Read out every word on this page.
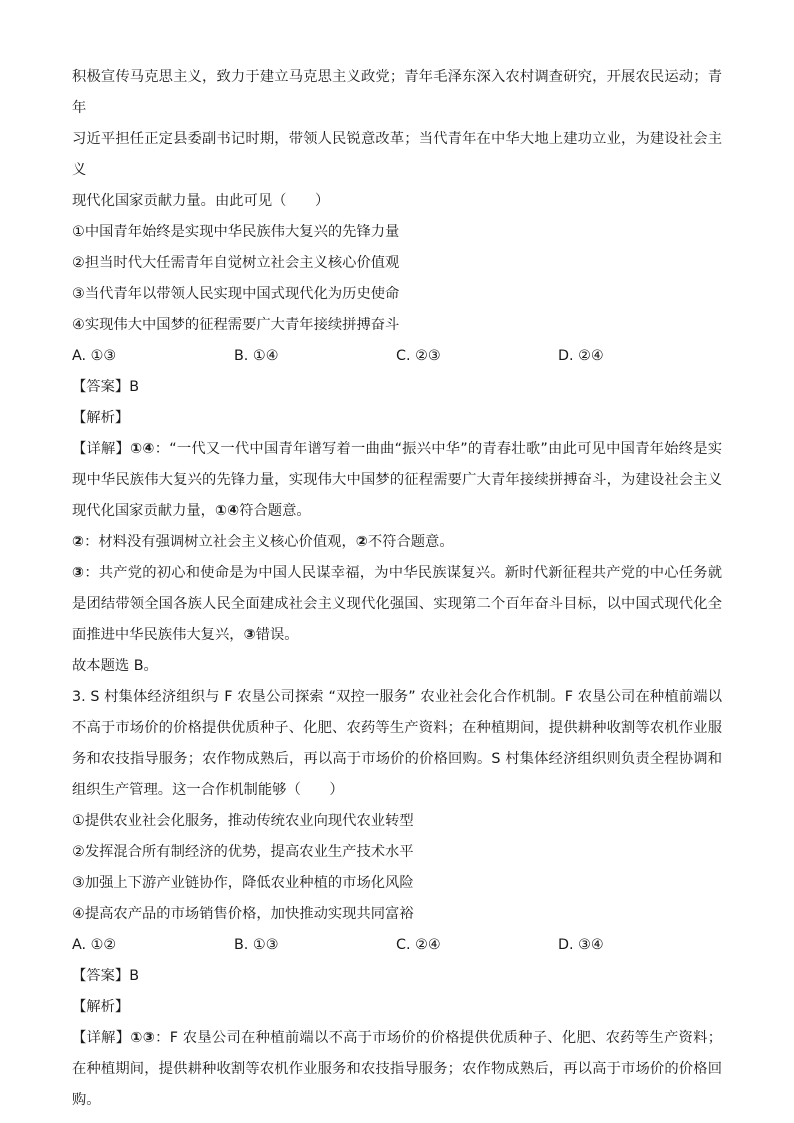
积极宣传马克思主义，致力于建立马克思主义政党；青年毛泽东深入农村调查研究，开展农民运动；青年

习近平担任正定县委副书记时期，带领人民锐意改革；当代青年在中华大地上建功立业，为建设社会主义

现代化国家贡献力量。由此可见（　　）

①中国青年始终是实现中华民族伟大复兴的先锋力量

②担当时代大任需青年自觉树立社会主义核心价值观

③当代青年以带领人民实现中国式现代化为历史使命

④实现伟大中国梦的征程需要广大青年接续拼搏奋斗

A. ①③	B. ①④	C. ②③	D. ②④

【答案】B

【解析】

【详解】①④：“一代又一代中国青年谱写着一曲曲“振兴中华”的青春壮歌”由此可见中国青年始终是实现中华民族伟大复兴的先锋力量，实现伟大中国梦的征程需要广大青年接续拼搏奋斗，为建设社会主义现代化国家贡献力量，①④符合题意。

②：材料没有强调树立社会主义核心价值观，②不符合题意。

③：共产党的初心和使命是为中国人民谋幸福，为中华民族谋复兴。新时代新征程共产党的中心任务就是团结带领全国各族人民全面建成社会主义现代化强国、实现第二个百年奋斗目标，以中国式现代化全面推进中华民族伟大复兴，③错误。

故本题选 B。

3. S 村集体经济组织与 F 农垦公司探索 “双控一服务” 农业社会化合作机制。F 农垦公司在种植前端以不高于市场价的价格提供优质种子、化肥、农药等生产资料；在种植期间，提供耕种收割等农机作业服务和农技指导服务；农作物成熟后，再以高于市场价的价格回购。S 村集体经济组织则负责全程协调和组织生产管理。这一合作机制能够（　　）

①提供农业社会化服务，推动传统农业向现代农业转型

②发挥混合所有制经济的优势，提高农业生产技术水平

③加强上下游产业链协作，降低农业种植的市场化风险

④提高农产品的市场销售价格，加快推动实现共同富裕

A. ①②	B. ①③	C. ②④	D. ③④

【答案】B

【解析】

【详解】①③：F 农垦公司在种植前端以不高于市场价的价格提供优质种子、化肥、农药等生产资料；在种植期间，提供耕种收割等农机作业服务和农技指导服务；农作物成熟后，再以高于市场价的价格回购。
